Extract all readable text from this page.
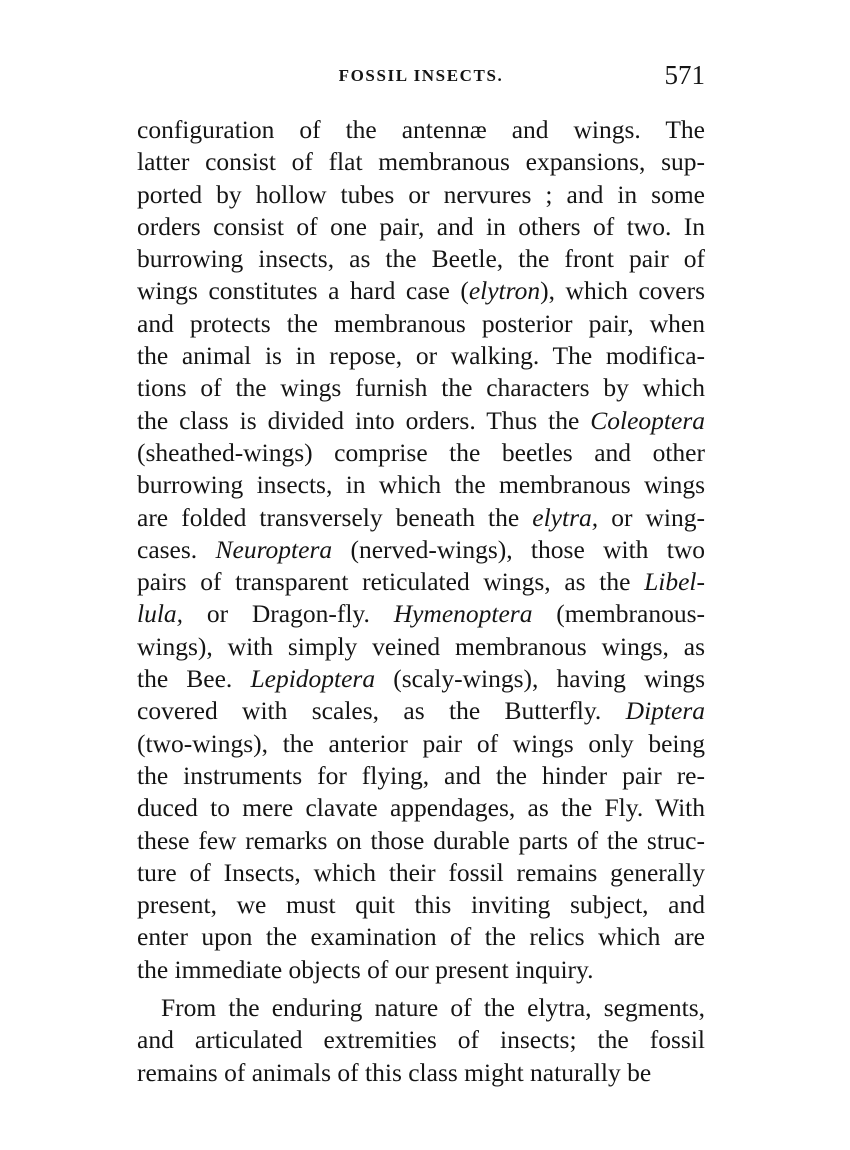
FOSSIL INSECTS.	571
configuration of the antennæ and wings. The
latter consist of flat membranous expansions, sup-
ported by hollow tubes or nervures ; and in some
orders consist of one pair, and in others of two. In
burrowing insects, as the Beetle, the front pair of
wings constitutes a hard case (elytron), which covers
and protects the membranous posterior pair, when
the animal is in repose, or walking. The modifica-
tions of the wings furnish the characters by which
the class is divided into orders. Thus the Coleoptera
(sheathed-wings) comprise the beetles and other
burrowing insects, in which the membranous wings
are folded transversely beneath the elytra, or wing-
cases. Neuroptera (nerved-wings), those with two
pairs of transparent reticulated wings, as the Libel-
lula, or Dragon-fly. Hymenoptera (membranous-
wings), with simply veined membranous wings, as
the Bee. Lepidoptera (scaly-wings), having wings
covered with scales, as the Butterfly. Diptera
(two-wings), the anterior pair of wings only being
the instruments for flying, and the hinder pair re-
duced to mere clavate appendages, as the Fly. With
these few remarks on those durable parts of the struc-
ture of Insects, which their fossil remains generally
present, we must quit this inviting subject, and
enter upon the examination of the relics which are
the immediate objects of our present inquiry.
From the enduring nature of the elytra, segments,
and articulated extremities of insects; the fossil
remains of animals of this class might naturally be
